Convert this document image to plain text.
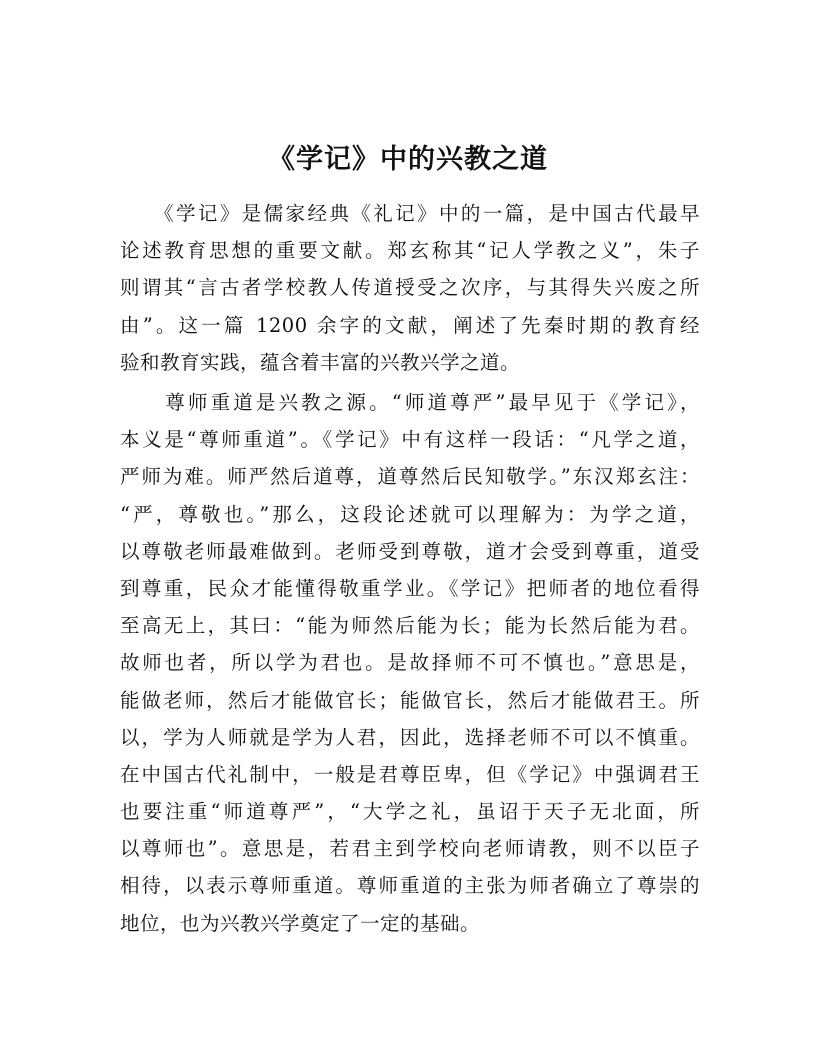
《学记》中的兴教之道
　　《学记》是儒家经典《礼记》中的一篇，是中国古代最早
论述教育思想的重要文献。郑玄称其“记人学教之义”，朱子
则谓其“言古者学校教人传道授受之次序，与其得失兴废之所
由”。这一篇 1200 余字的文献，阐述了先秦时期的教育经
验和教育实践，蕴含着丰富的兴教兴学之道。
　　尊师重道是兴教之源。“师道尊严”最早见于《学记》，
本义是“尊师重道”。《学记》中有这样一段话：“凡学之道，
严师为难。师严然后道尊，道尊然后民知敬学。”东汉郑玄注：
“严，尊敬也。”那么，这段论述就可以理解为：为学之道，
以尊敬老师最难做到。老师受到尊敬，道才会受到尊重，道受
到尊重，民众才能懂得敬重学业。《学记》把师者的地位看得
至高无上，其曰：“能为师然后能为长；能为长然后能为君。
故师也者，所以学为君也。是故择师不可不慎也。”意思是，
能做老师，然后才能做官长；能做官长，然后才能做君王。所
以，学为人师就是学为人君，因此，选择老师不可以不慎重。
在中国古代礼制中，一般是君尊臣卑，但《学记》中强调君王
也要注重“师道尊严”，“大学之礼，虽诏于天子无北面，所
以尊师也”。意思是，若君主到学校向老师请教，则不以臣子
相待，以表示尊师重道。尊师重道的主张为师者确立了尊崇的
地位，也为兴教兴学奠定了一定的基础。
